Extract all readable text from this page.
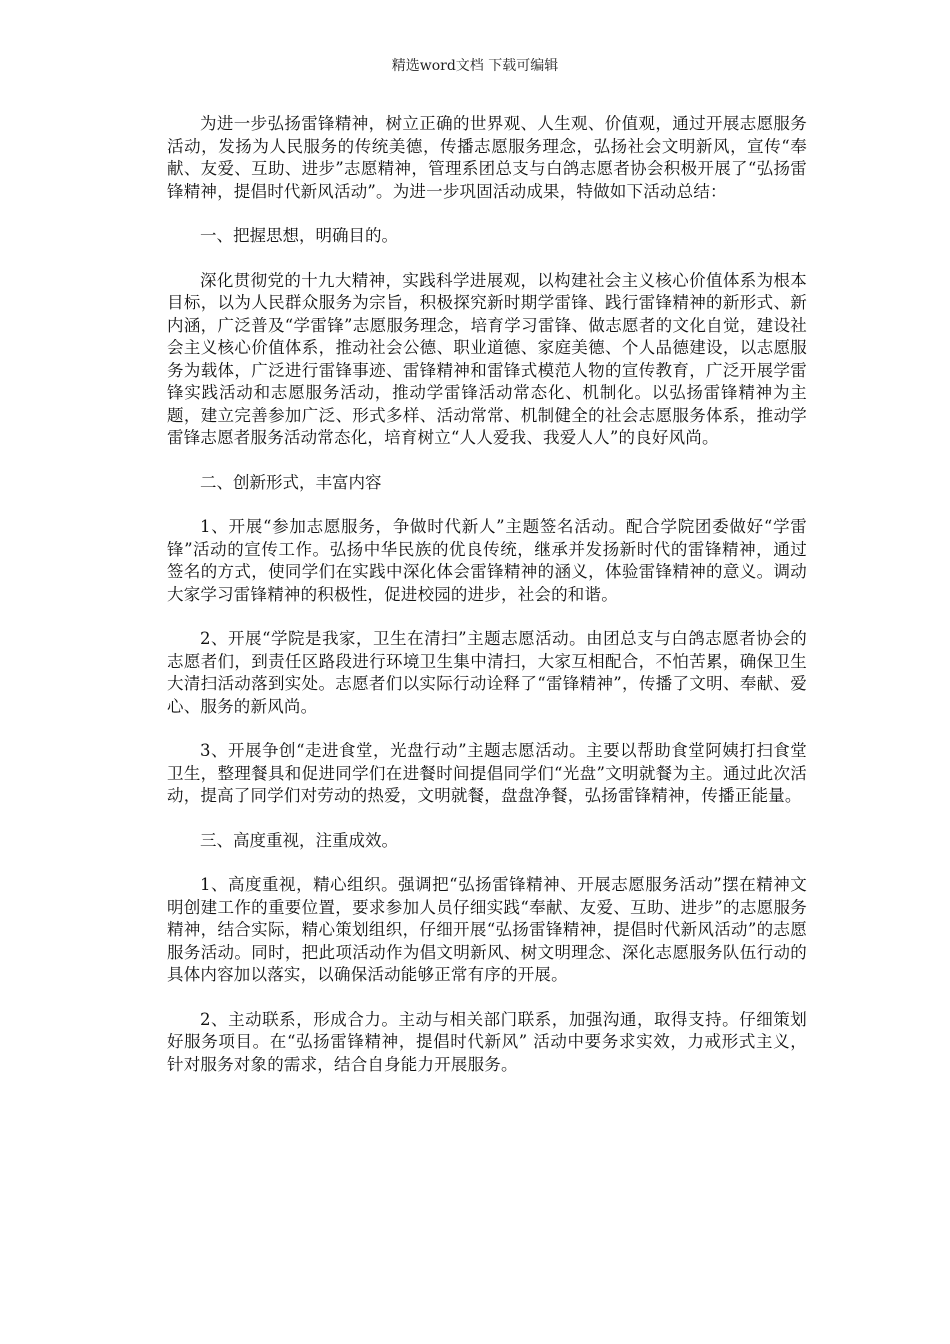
精选word文档 下载可编辑

为进一步弘扬雷锋精神，树立正确的世界观、人生观、价值观，通过开展志愿服务活动，发扬为人民服务的传统美德，传播志愿服务理念，弘扬社会文明新风，宣传“奉献、友爱、互助、进步”志愿精神，管理系团总支与白鸽志愿者协会积极开展了“弘扬雷锋精神，提倡时代新风活动”。为进一步巩固活动成果，特做如下活动总结：

一、把握思想，明确目的。

深化贯彻党的十九大精神，实践科学进展观，以构建社会主义核心价值体系为根本目标，以为人民群众服务为宗旨，积极探究新时期学雷锋、践行雷锋精神的新形式、新内涵，广泛普及“学雷锋”志愿服务理念，培育学习雷锋、做志愿者的文化自觉，建设社会主义核心价值体系，推动社会公德、职业道德、家庭美德、个人品德建设，以志愿服务为载体，广泛进行雷锋事迹、雷锋精神和雷锋式模范人物的宣传教育，广泛开展学雷锋实践活动和志愿服务活动，推动学雷锋活动常态化、机制化。以弘扬雷锋精神为主题，建立完善参加广泛、形式多样、活动常常、机制健全的社会志愿服务体系，推动学雷锋志愿者服务活动常态化，培育树立“人人爱我、我爱人人”的良好风尚。

二、创新形式，丰富内容

1、开展“参加志愿服务，争做时代新人”主题签名活动。配合学院团委做好“学雷锋”活动的宣传工作。弘扬中华民族的优良传统，继承并发扬新时代的雷锋精神，通过签名的方式，使同学们在实践中深化体会雷锋精神的涵义，体验雷锋精神的意义。调动大家学习雷锋精神的积极性，促进校园的进步，社会的和谐。

2、开展“学院是我家，卫生在清扫”主题志愿活动。由团总支与白鸽志愿者协会的志愿者们，到责任区路段进行环境卫生集中清扫，大家互相配合，不怕苦累，确保卫生大清扫活动落到实处。志愿者们以实际行动诠释了“雷锋精神”，传播了文明、奉献、爱心、服务的新风尚。

3、开展争创“走进食堂，光盘行动”主题志愿活动。主要以帮助食堂阿姨打扫食堂卫生，整理餐具和促进同学们在进餐时间提倡同学们“光盘”文明就餐为主。通过此次活动，提高了同学们对劳动的热爱，文明就餐，盘盘净餐，弘扬雷锋精神，传播正能量。

三、高度重视，注重成效。

1、高度重视，精心组织。强调把“弘扬雷锋精神、开展志愿服务活动”摆在精神文明创建工作的重要位置，要求参加人员仔细实践“奉献、友爱、互助、进步”的志愿服务精神，结合实际，精心策划组织，仔细开展“弘扬雷锋精神，提倡时代新风活动”的志愿服务活动。同时，把此项活动作为倡文明新风、树文明理念、深化志愿服务队伍行动的具体内容加以落实，以确保活动能够正常有序的开展。

2、主动联系，形成合力。主动与相关部门联系，加强沟通，取得支持。仔细策划好服务项目。在“弘扬雷锋精神，提倡时代新风” 活动中要务求实效，力戒形式主义，针对服务对象的需求，结合自身能力开展服务。
